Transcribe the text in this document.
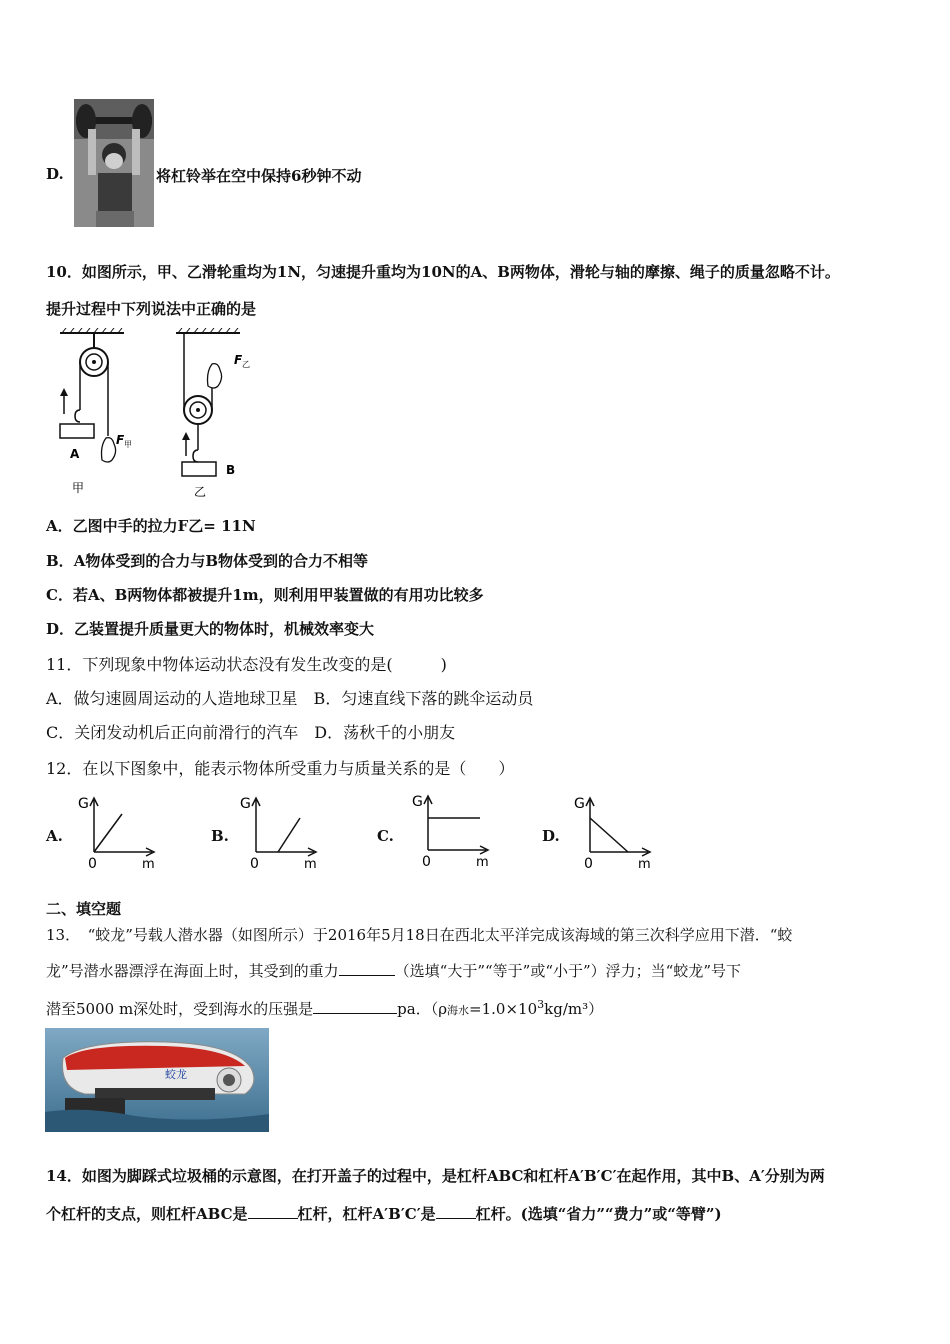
D.	将杠铃举在空中保持6秒钟不动
10．如图所示，甲、乙滑轮重均为1N，匀速提升重均为10N的A、B两物体，滑轮与轴的摩擦、绳子的质量忽略不计。
提升过程中下列说法中正确的是
A
甲
F 甲
F 乙
B
乙
A．乙图中手的拉力F乙= 11N
B．A物体受到的合力与B物体受到的合力不相等
C．若A、B两物体都被提升1m，则利用甲装置做的有用功比较多
D．乙装置提升质量更大的物体时，机械效率变大
11．下列现象中物体运动状态没有发生改变的是(　　　)
A．做匀速圆周运动的人造地球卫星　B．匀速直线下落的跳伞运动员
C．关闭发动机后正向前滑行的汽车　D．荡秋千的小朋友
12．在以下图象中，能表示物体所受重力与质量关系的是（　　）
A.
G
0	m
B.
G
0	m
C.
G
0	m
D.
G
0	m
二、填空题
13．　“蛟龙”号载人潜水器（如图所示）于2016年5月18日在西北太平洋完成该海域的第三次科学应用下潜．“蛟
龙”号潜水器漂浮在海面上时，其受到的重力	（选填“大于”“等于”或“小于”）浮力；当“蛟龙”号下
潜至5000 m深处时，受到海水的压强是	pa．（ρ海水$=1.0\times 10^3kg/m^3$）
蛟龙
14．如图为脚踩式垃圾桶的示意图，在打开盖子的过程中，是杠杆ABC和杠杆A′B′C′在起作用，其中B、A′分别为两
个杠杆的支点，则杠杆ABC是	杠杆，杠杆A′B′C′是	杠杆。(选填“省力”“费力”或“等臂”)
